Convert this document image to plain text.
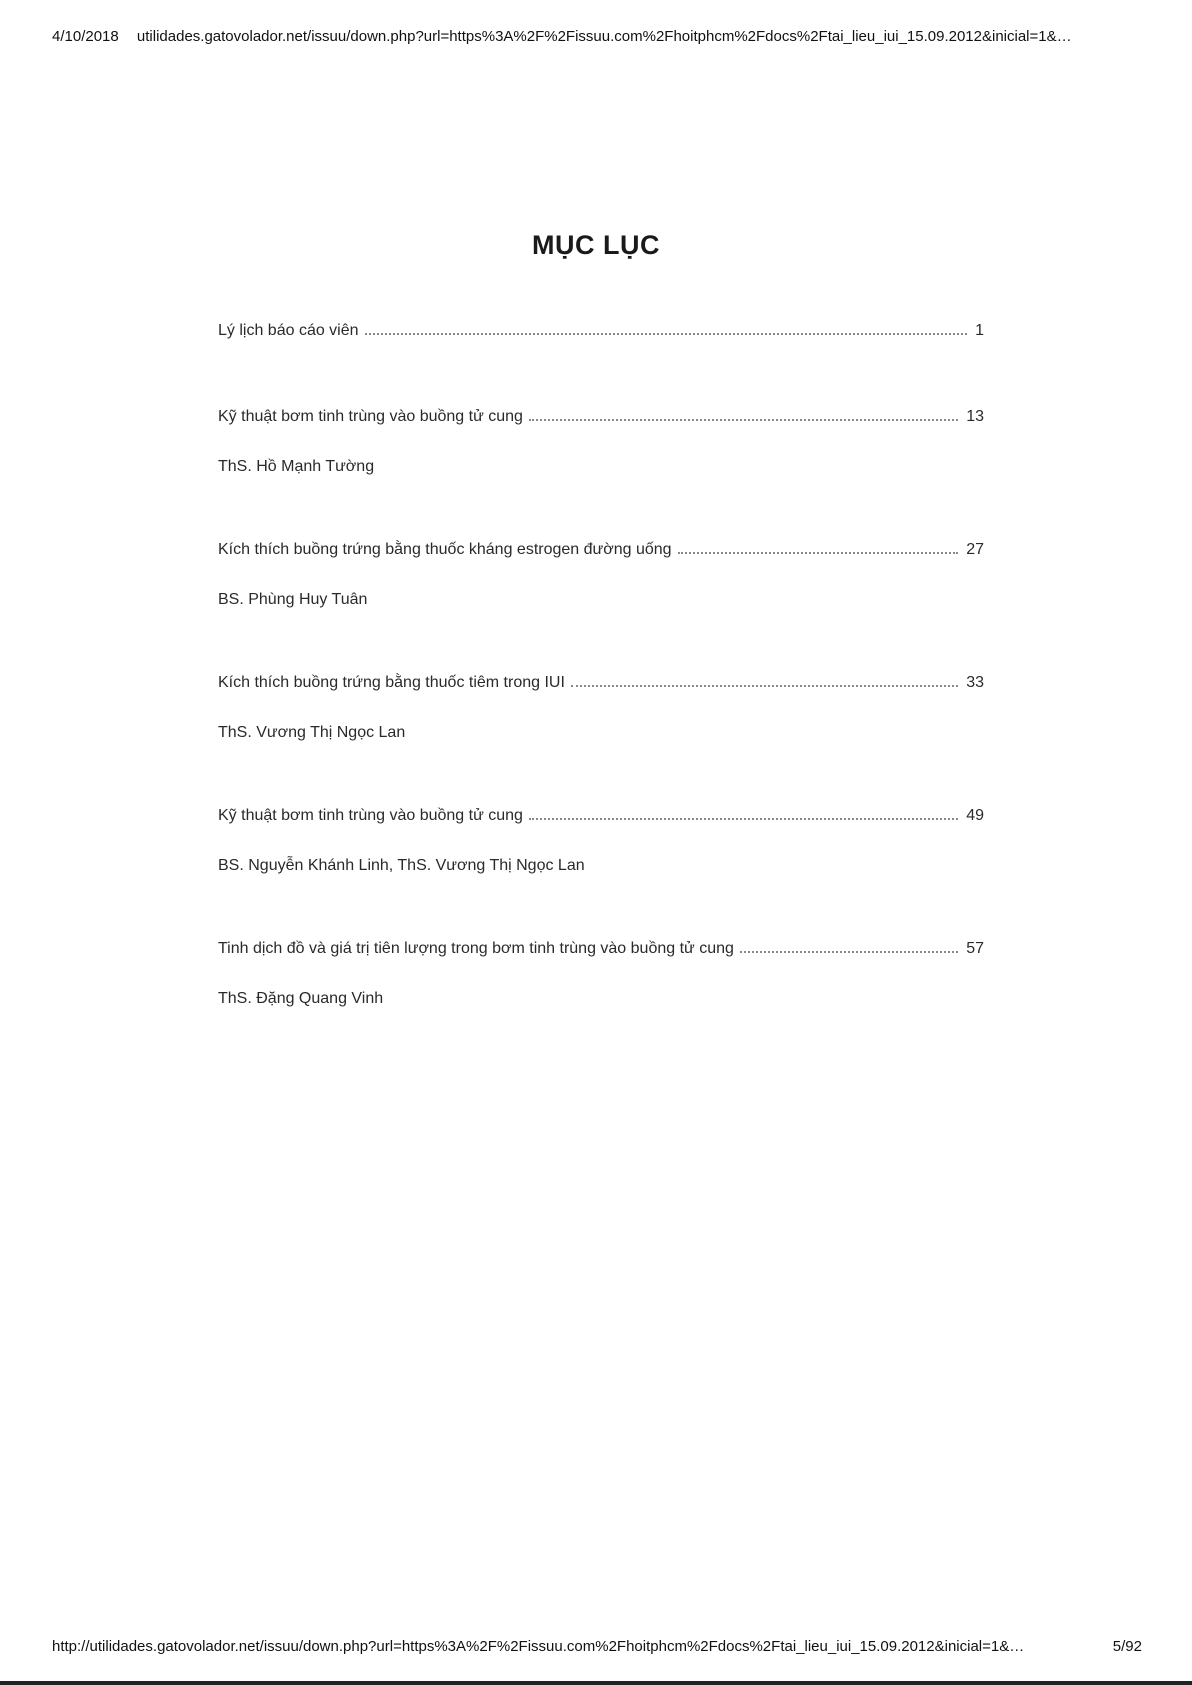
4/10/2018 utilidades.gatovolador.net/issuu/down.php?url=https%3A%2F%2Fissuu.com%2Fhoitphcm%2Fdocs%2Ftai_lieu_iui_15.09.2012&inicial=1&…
MỤC LỤC
Lý lịch báo cáo viên	1
Kỹ thuật bơm tinh trùng vào buồng tử cung	13
ThS. Hồ Mạnh Tường
Kích thích buồng trứng bằng thuốc kháng estrogen đường uống	27
BS. Phùng Huy Tuân
Kích thích buồng trứng bằng thuốc tiêm trong IUI	33
ThS. Vương Thị Ngọc Lan
Kỹ thuật bơm tinh trùng vào buồng tử cung	49
BS. Nguyễn Khánh Linh, ThS. Vương Thị Ngọc Lan
Tinh dịch đồ và giá trị tiên lượng trong bơm tinh trùng vào buồng tử cung	57
ThS. Đặng Quang Vinh
http://utilidades.gatovolador.net/issuu/down.php?url=https%3A%2F%2Fissuu.com%2Fhoitphcm%2Fdocs%2Ftai_lieu_iui_15.09.2012&inicial=1&…	5/92
